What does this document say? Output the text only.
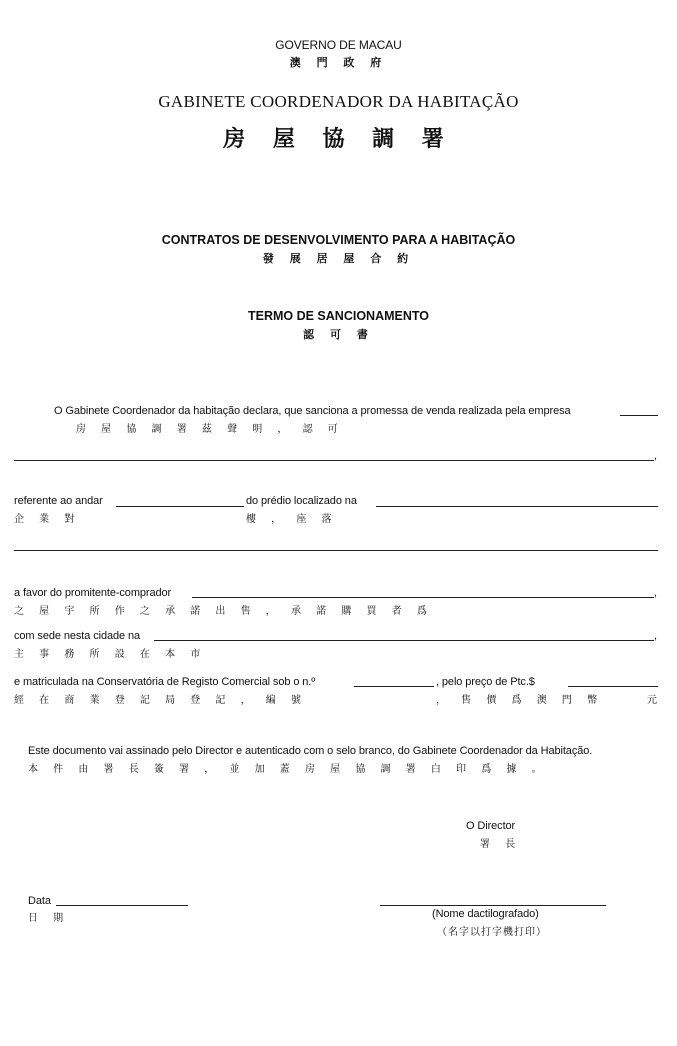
GOVERNO DE MACAU
澳 門 政 府
GABINETE COORDENADOR DA HABITAÇÃO
房 屋 協 調 署
CONTRATOS DE DESENVOLVIMENTO PARA A HABITAÇÃO
發 展 居 屋 合 約
TERMO DE SANCIONAMENTO
認 可 書
O Gabinete Coordenador da habitação declara, que sanciona a promessa de venda realizada pela empresa
房 屋 協 調 署 茲 聲 明 ， 認 可
,
referente ao andar	do prédio localizado na
企 業 對	樓 ， 座 落
a favor do promitente-comprador	,
之 屋 宇 所 作 之 承 諾 出 售 ， 承 諾 購 買 者 爲
com sede nesta cidade na	,
主 事 務 所 設 在 本 市
e matriculada na Conservatória de Registo Comercial sob o n.º	, pelo preço de Ptc.$
經 在 商 業 登 記 局 登 記 ， 編 號	， 售 價 爲 澳 門 幣	元
Este documento vai assinado pelo Director e autenticado com o selo branco, do Gabinete Coordenador da Habitação.
本 件 由 署 長 簽 署 ， 並 加 蓋 房 屋 協 調 署 白 印 爲 據 。
O Director
署 長
Data
日 期	(Nome dactilografado)
（名字以打字機打印）
